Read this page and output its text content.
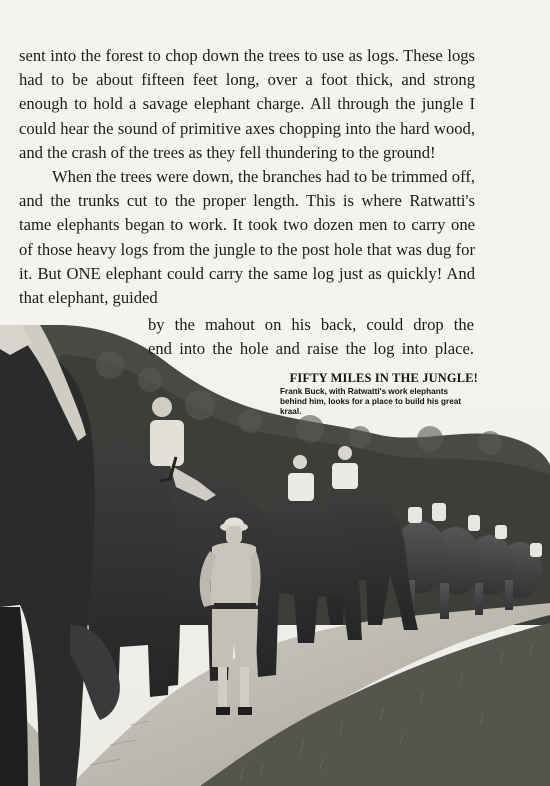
sent into the forest to chop down the trees to use as logs. These logs had to be about fifteen feet long, over a foot thick, and strong enough to hold a savage elephant charge. All through the jungle I could hear the sound of primitive axes chopping into the hard wood, and the crash of the trees as they fell thundering to the ground!

When the trees were down, the branches had to be trimmed off, and the trunks cut to the proper length. This is where Ratwatti's tame elephants began to work. It took two dozen men to carry one of those heavy logs from the jungle to the post hole that was dug for it. But ONE elephant could carry the same log just as quickly! And that elephant, guided

by the mahout on his back, could drop the
end into the hole and raise the log into place.
FIFTY MILES IN THE JUNGLE!
Frank Buck, with Ratwatti's work elephants behind him, looks for a place to build his great kraal.
